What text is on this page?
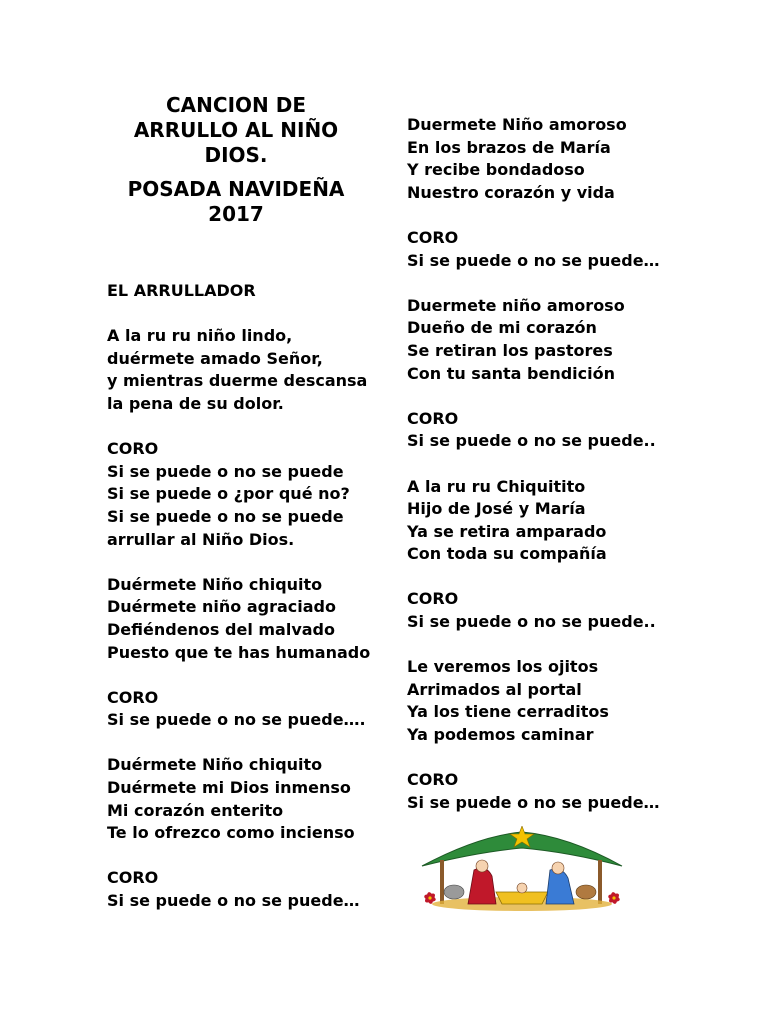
CANCION DE
ARRULLO AL NIÑO
DIOS.
POSADA NAVIDEÑA
2017
EL ARRULLADOR
A la ru ru niño lindo,
duérmete amado Señor,
y mientras duerme descansa
la pena de su dolor.
CORO
Si se puede o no se puede
Si se puede o ¿por qué no?
Si se puede o no se puede
arrullar al Niño Dios.
Duérmete Niño chiquito
Duérmete niño agraciado
Defiéndenos del malvado
Puesto que te has humanado
CORO
Si se puede o no se puede….
Duérmete Niño chiquito
Duérmete mi Dios inmenso
Mi corazón enterito
Te lo ofrezco como incienso
CORO
Si se puede o no se puede…
Duermete Niño amoroso
En los brazos de María
Y recibe bondadoso
Nuestro corazón y vida
CORO
Si se puede o no se puede…
Duermete niño amoroso
Dueño de mi corazón
Se retiran los pastores
Con tu santa bendición
CORO
Si se puede o no se puede..
A la ru ru Chiquitito
Hijo de José y María
Ya se retira amparado
Con toda su compañía
CORO
Si se puede o no se puede..
Le veremos los ojitos
Arrimados al portal
Ya los tiene cerraditos
Ya podemos caminar
CORO
Si se puede o no se puede…
